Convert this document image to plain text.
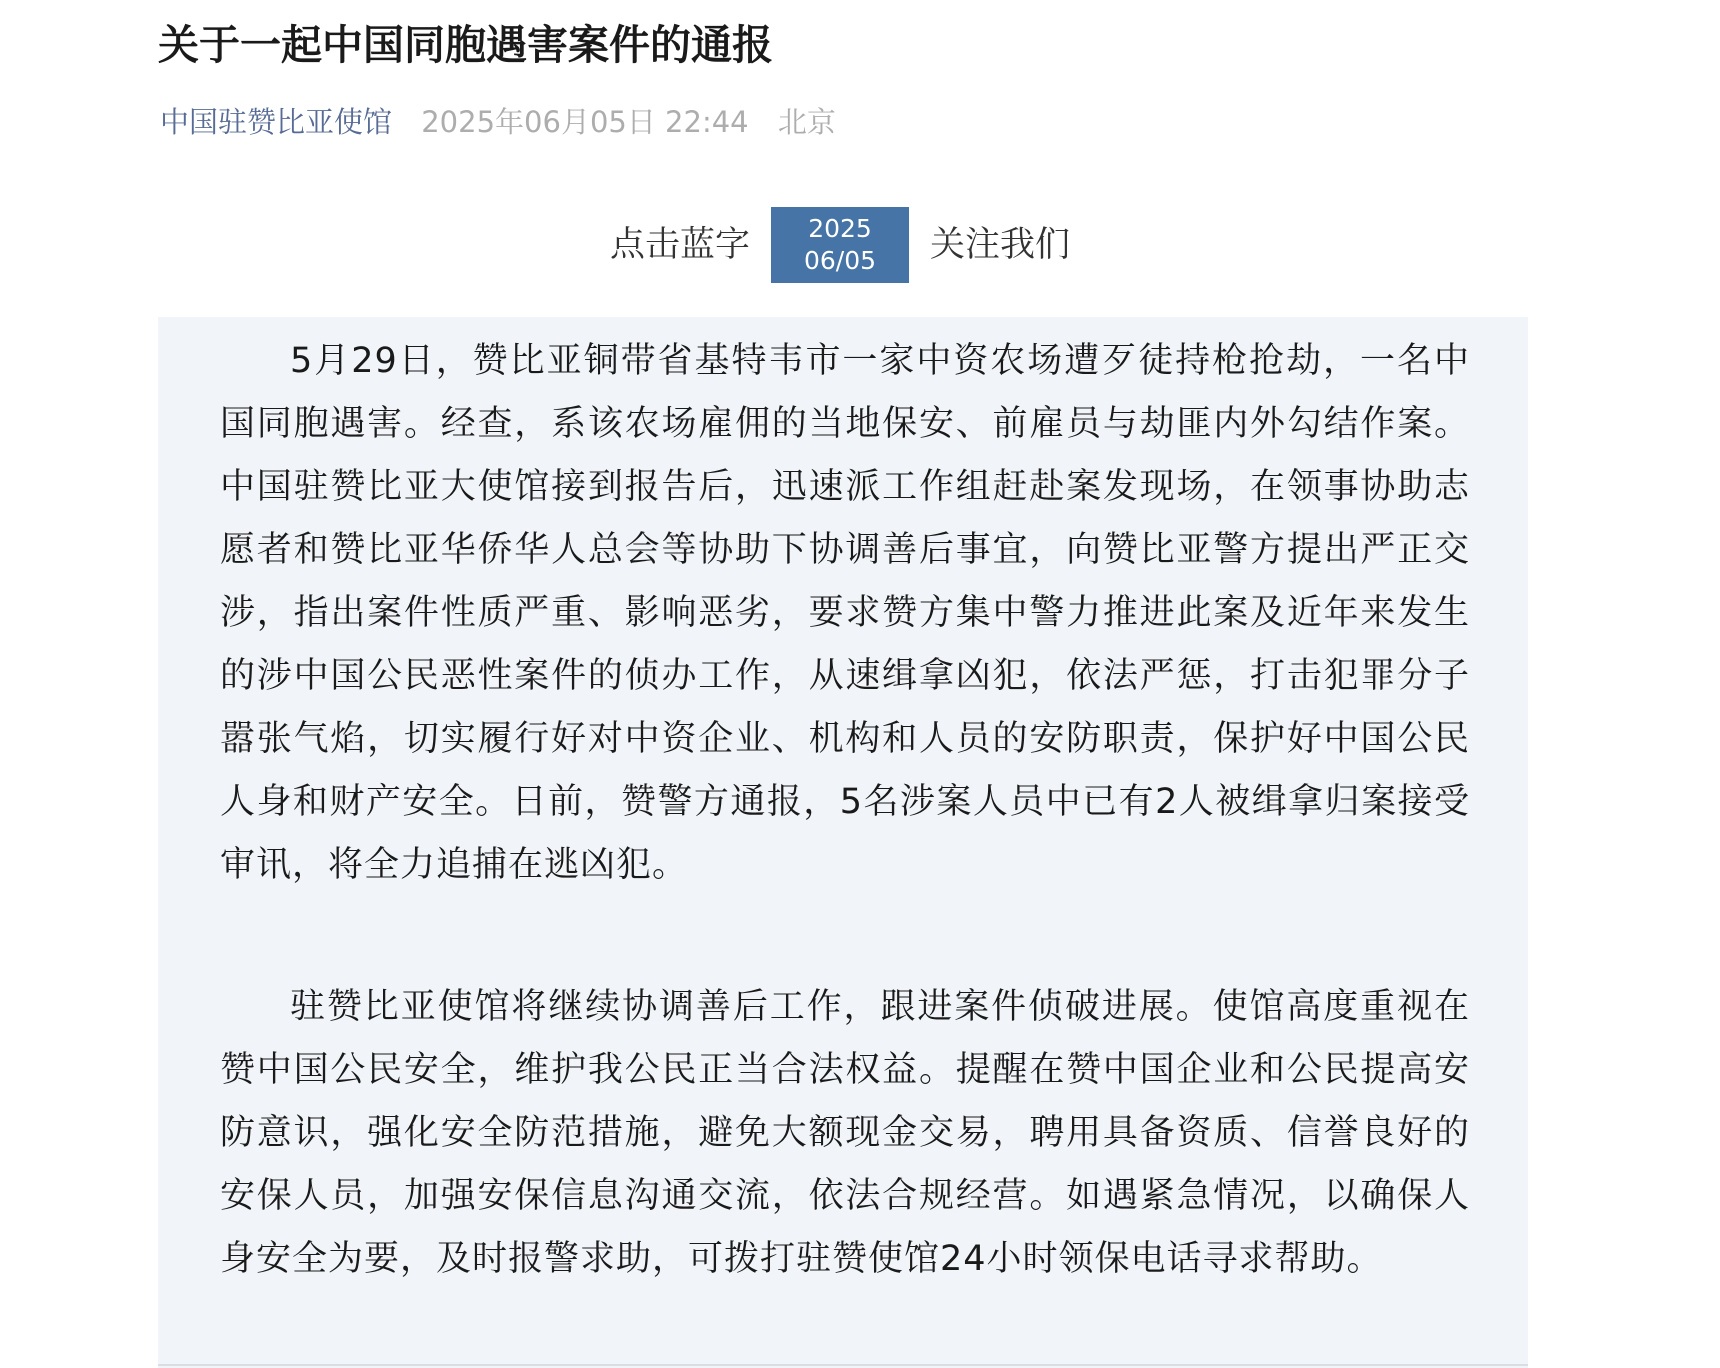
关于一起中国同胞遇害案件的通报
中国驻赞比亚使馆 2025年06月05日 22:44 北京
点击蓝字 2025
06/05 关注我们

5月29日，赞比亚铜带省基特韦市一家中资农场遭歹徒持枪抢劫，一名中国同胞遇害。经查，系该农场雇佣的当地保安、前雇员与劫匪内外勾结作案。中国驻赞比亚大使馆接到报告后，迅速派工作组赶赴案发现场，在领事协助志愿者和赞比亚华侨华人总会等协助下协调善后事宜，向赞比亚警方提出严正交涉，指出案件性质严重、影响恶劣，要求赞方集中警力推进此案及近年来发生的涉中国公民恶性案件的侦办工作，从速缉拿凶犯，依法严惩，打击犯罪分子嚣张气焰，切实履行好对中资企业、机构和人员的安防职责，保护好中国公民人身和财产安全。日前，赞警方通报，5名涉案人员中已有2人被缉拿归案接受审讯，将全力追捕在逃凶犯。

驻赞比亚使馆将继续协调善后工作，跟进案件侦破进展。使馆高度重视在赞中国公民安全，维护我公民正当合法权益。提醒在赞中国企业和公民提高安防意识，强化安全防范措施，避免大额现金交易，聘用具备资质、信誉良好的安保人员，加强安保信息沟通交流，依法合规经营。如遇紧急情况，以确保人身安全为要，及时报警求助，可拨打驻赞使馆24小时领保电话寻求帮助。
